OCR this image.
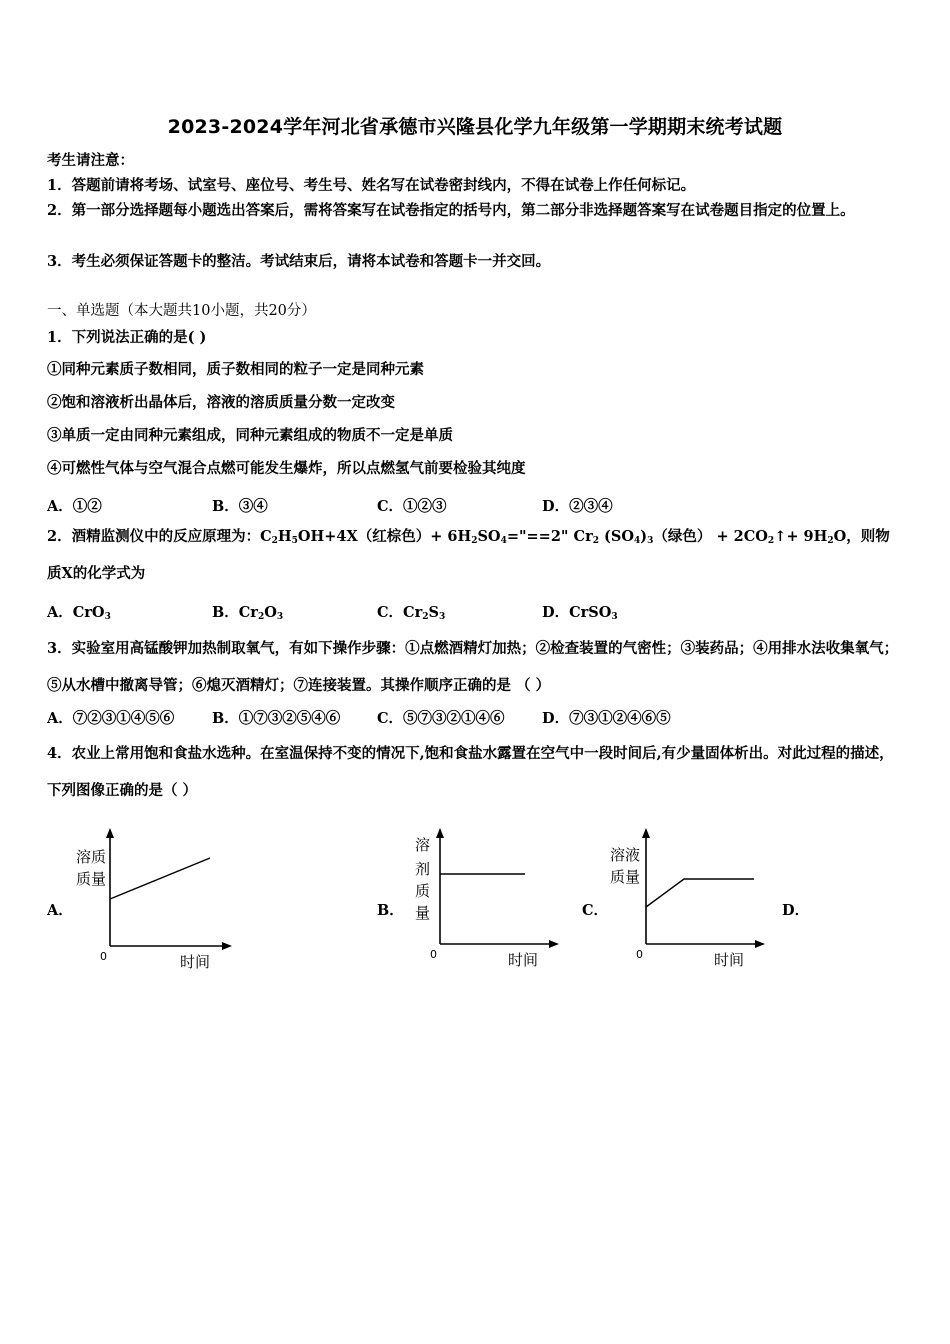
2023-2024学年河北省承德市兴隆县化学九年级第一学期期末统考试题
考生请注意：
1．答题前请将考场、试室号、座位号、考生号、姓名写在试卷密封线内，不得在试卷上作任何标记。
2．第一部分选择题每小题选出答案后，需将答案写在试卷指定的括号内，第二部分非选择题答案写在试卷题目指定的位置上。
3．考生必须保证答题卡的整洁。考试结束后，请将本试卷和答题卡一并交回。
一、单选题（本大题共10小题，共20分）
1．下列说法正确的是( )
①同种元素质子数相同，质子数相同的粒子一定是同种元素
②饱和溶液析出晶体后，溶液的溶质质量分数一定改变
③单质一定由同种元素组成，同种元素组成的物质不一定是单质
④可燃性气体与空气混合点燃可能发生爆炸，所以点燃氢气前要检验其纯度
A．①②	B．③④	C．①②③	D．②③④
2．酒精监测仪中的反应原理为：$C_2H_5OH+4X$（红棕色）+ $6H_2SO_4="==2$" $Cr_2$ $(SO_4)_3$（绿色） + $2CO_2↑+ 9H_2O$，则物
质X的化学式为
A．CrO$_3$	B．$Cr_2O_3$	C．$Cr_2S_3$	D．CrSO$_3$
3．实验室用高锰酸钾加热制取氧气，有如下操作步骤：①点燃酒精灯加热；②检查装置的气密性；③装药品；④用排水法收集氧气；⑤从水槽中撤离导管；⑥熄灭酒精灯；⑦连接装置。其操作顺序正确的是 （ ）
A．⑦②③①④⑤⑥	B．①⑦③②⑤④⑥	C．⑤⑦③②①④⑥	D．⑦③①②④⑥⑤
4．农业上常用饱和食盐水选种。在室温保持不变的情况下,饱和食盐水露置在空气中一段时间后,有少量固体析出。对此过程的描述，下列图像正确的是（ ）
A．	B．	C．	D．
溶质
质量
0	时间
溶
剂
质
量
0	时间
溶液
质量
0	时间
